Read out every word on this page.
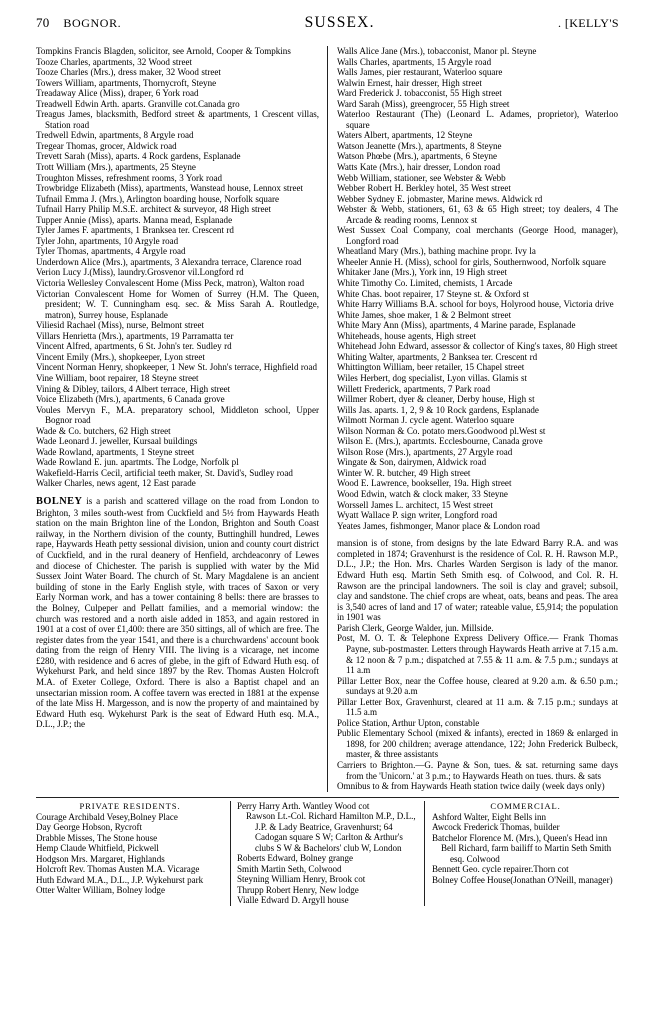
70	BOGNOR.	SUSSEX.	. [KELLY'S

Tompkins Francis Blagden, solicitor, see Arnold, Cooper & Tompkins

Tooze Charles, apartments, 32 Wood street

Tooze Charles (Mrs.), dress maker, 32 Wood street

Towers William, apartments, Thornycroft, Steyne

Treadaway Alice (Miss), draper, 6 York road

Treadwell Edwin Arth. aparts. Granville cot.Canada gro

Treagus James, blacksmith, Bedford street & apartments, 1 Crescent villas, Station road

Tredwell Edwin, apartments, 8 Argyle road

Tregear Thomas, grocer, Aldwick road

Trevett Sarah (Miss), aparts. 4 Rock gardens, Esplanade

Trott William (Mrs.), apartments, 25 Steyne

Troughton Misses, refreshment rooms, 3 York road

Trowbridge Elizabeth (Miss), apartments, Wanstead house, Lennox street

Tufnail Emma J. (Mrs.), Arlington boarding house, Norfolk square

Tufnail Harry Philip M.S.E. architect & surveyor, 48 High street

Tupper Annie (Miss), aparts. Manna mead, Esplanade

Tyler James F. apartments, 1 Branksea ter. Crescent rd

Tyler John, apartments, 10 Argyle road

Tyler Thomas, apartments, 4 Argyle road

Underdown Alice (Mrs.), apartments, 3 Alexandra terrace, Clarence road

Verion Lucy J.(Miss), laundry.Grosvenor vil.Longford rd

Victoria Wellesley Convalescent Home (Miss Peck, matron), Walton road

Victorian Convalescent Home for Women of Surrey (H.M. The Queen, president; W. T. Cunningham esq. sec. & Miss Sarah A. Routledge, matron), Surrey house, Esplanade

Viliesid Rachael (Miss), nurse, Belmont street

Villars Henrietta (Mrs.), apartments, 19 Parramatta ter

Vincent Alfred, apartments, 6 St. John's ter. Sudley rd

Vincent Emily (Mrs.), shopkeeper, Lyon street

Vincent Norman Henry, shopkeeper, 1 New St. John's terrace, Highfield road

Vine William, boot repairer, 18 Steyne street

Vining & Dibley, tailors, 4 Albert terrace, High street

Voice Elizabeth (Mrs.), apartments, 6 Canada grove

Voules Mervyn F., M.A. preparatory school, Middleton school, Upper Bognor road

Wade & Co. butchers, 62 High street

Wade Leonard J. jeweller, Kursaal buildings

Wade Rowland, apartments, 1 Steyne street

Wade Rowland E. jun. apartmts. The Lodge, Norfolk pl

Wakefield-Harris Cecil, artificial teeth maker, St. David's, Sudley road

Walker Charles, news agent, 12 East parade

BOLNEY is a parish and scattered village on the road from London to Brighton, 3 miles south-west from Cuckfield and 5½ from Haywards Heath station on the main Brighton line of the London, Brighton and South Coast railway, in the Northern division of the county, Buttinghill hundred, Lewes rape, Haywards Heath petty sessional division, union and county court district of Cuckfield, and in the rural deanery of Henfield, archdeaconry of Lewes and diocese of Chichester. The parish is supplied with water by the Mid Sussex Joint Water Board. The church of St. Mary Magdalene is an ancient building of stone in the Early English style, with traces of Saxon or very Early Norman work, and has a tower containing 8 bells: there are brasses to the Bolney, Culpeper and Pellatt families, and a memorial window: the church was restored and a north aisle added in 1853, and again restored in 1901 at a cost of over £1,400: there are 350 sittings, all of which are free. The register dates from the year 1541, and there is a churchwardens' account book dating from the reign of Henry VIII. The living is a vicarage, net income £280, with residence and 6 acres of glebe, in the gift of Edward Huth esq. of Wykehurst Park, and held since 1897 by the Rev. Thomas Austen Holcroft M.A. of Exeter College, Oxford. There is also a Baptist chapel and an unsectarian mission room. A coffee tavern was erected in 1881 at the expense of the late Miss H. Margesson, and is now the property of and maintained by Edward Huth esq. Wykehurst Park is the seat of Edward Huth esq. M.A., D.L., J.P.; the

Walls Alice Jane (Mrs.), tobacconist, Manor pl. Steyne

Walls Charles, apartments, 15 Argyle road

Walls James, pier restaurant, Waterloo square

Walwin Ernest, hair dresser, High street

Ward Frederick J. tobacconist, 55 High street

Ward Sarah (Miss), greengrocer, 55 High street

Waterloo Restaurant (The) (Leonard L. Adames, proprietor), Waterloo square

Waters Albert, apartments, 12 Steyne

Watson Jeanette (Mrs.), apartments, 8 Steyne

Watson Phœbe (Mrs.), apartments, 6 Steyne

Watts Kate (Mrs.), hair dresser, London road

Webb William, stationer, see Webster & Webb

Webber Robert H. Berkley hotel, 35 West street

Webber Sydney E. jobmaster, Marine mews. Aldwick rd

Webster & Webb, stationers, 61, 63 & 65 High street; toy dealers, 4 The Arcade & reading rooms, Lennox st

West Sussex Coal Company, coal merchants (George Hood, manager), Longford road

Wheatland Mary (Mrs.), bathing machine propr. Ivy la

Wheeler Annie H. (Miss), school for girls, Southernwood, Norfolk square

Whitaker Jane (Mrs.), York inn, 19 High street

White Timothy Co. Limited, chemists, 1 Arcade

White Chas. boot repairer, 17 Steyne st. & Oxford st

White Harry Williams B.A. school for boys, Holyrood house, Victoria drive

White James, shoe maker, 1 & 2 Belmont street

White Mary Ann (Miss), apartments, 4 Marine parade, Esplanade

Whiteheads, house agents, High street

Whitehead John Edward, assessor & collector of King's taxes, 80 High street

Whiting Walter, apartments, 2 Banksea ter. Crescent rd

Whittington William, beer retailer, 15 Chapel street

Wiles Herbert, dog specialist, Lyon villas. Glamis st

Willett Frederick, apartments, 7 Park road

Willmer Robert, dyer & cleaner, Derby house, High st

Wills Jas. aparts. 1, 2, 9 & 10 Rock gardens, Esplanade

Wilmott Norman J. cycle agent. Waterloo square

Wilson Norman & Co. potato mers.Goodwood pl.West st

Wilson E. (Mrs.), apartmts. Ecclesbourne, Canada grove

Wilson Rose (Mrs.), apartments, 27 Argyle road

Wingate & Son, dairymen, Aldwick road

Winter W. R. butcher, 49 High street

Wood E. Lawrence, bookseller, 19a. High street

Wood Edwin, watch & clock maker, 33 Steyne

Worssell James L. architect, 15 West street

Wyatt Wallace P. sign writer, Longford road

Yeates James, fishmonger, Manor place & London road

mansion is of stone, from designs by the late Edward Barry R.A. and was completed in 1874; Gravenhurst is the residence of Col. R. H. Rawson M.P., D.L., J.P.; the Hon. Mrs. Charles Warden Sergison is lady of the manor. Edward Huth esq. Martin Seth Smith esq. of Colwood, and Col. R. H. Rawson are the principal landowners. The soil is clay and gravel; subsoil, clay and sandstone. The chief crops are wheat, oats, beans and peas. The area is 3,540 acres of land and 17 of water; rateable value, £5,914; the population in 1901 was

Parish Clerk, George Walder, jun. Millside.

Post, M. O. T. & Telephone Express Delivery Office.— Frank Thomas Payne, sub-postmaster. Letters through Haywards Heath arrive at 7.15 a.m. & 12 noon & 7 p.m.; dispatched at 7.55 & 11 a.m. & 7.5 p.m.; sundays at 11 a.m

Pillar Letter Box, near the Coffee house, cleared at 9.20 a.m. & 6.50 p.m.; sundays at 9.20 a.m

Pillar Letter Box, Gravenhurst, cleared at 11 a.m. & 7.15 p.m.; sundays at 11.5 a.m

Police Station, Arthur Upton, constable

Public Elementary School (mixed & infants), erected in 1869 & enlarged in 1898, for 200 children; average attendance, 122; John Frederick Bulbeck, master, & three assistants

Carriers to Brighton.—G. Payne & Son, tues. & sat. returning same days from the 'Unicorn.' at 3 p.m.; to Haywards Heath on tues. thurs. & sats

Omnibus to & from Haywards Heath station twice daily (week days only)

PRIVATE RESIDENTS.

Courage Archibald Vesey,Bolney Place

Day George Hobson, Rycroft

Drabble Misses, The Stone house

Hemp Claude Whitfield, Pickwell

Hodgson Mrs. Margaret, Highlands

Holcroft Rev. Thomas Austen M.A. Vicarage

Huth Edward M.A., D.L., J.P. Wykehurst park

Otter Walter William, Bolney lodge

Perry Harry Arth. Wantley Wood cot

Rawson Lt.-Col. Richard Hamilton M.P., D.L., J.P. & Lady Beatrice, Gravenhurst; 64 Cadogan square S W; Carlton & Arthur's clubs S W & Bachelors' club W, London

Roberts Edward, Bolney grange

Smith Martin Seth, Colwood

Steyning William Henry, Brook cot

Thrupp Robert Henry, New lodge

Vialle Edward D. Argyll house

COMMERCIAL.

Ashford Walter, Eight Bells inn

Awcock Frederick Thomas, builder

Batchelor Florence M. (Mrs.), Queen's Head inn

Bell Richard, farm bailiff to Martin Seth Smith esq. Colwood

Bennett Geo. cycle repairer.Thorn cot

Bolney Coffee House(Jonathan O'Neill, manager)
